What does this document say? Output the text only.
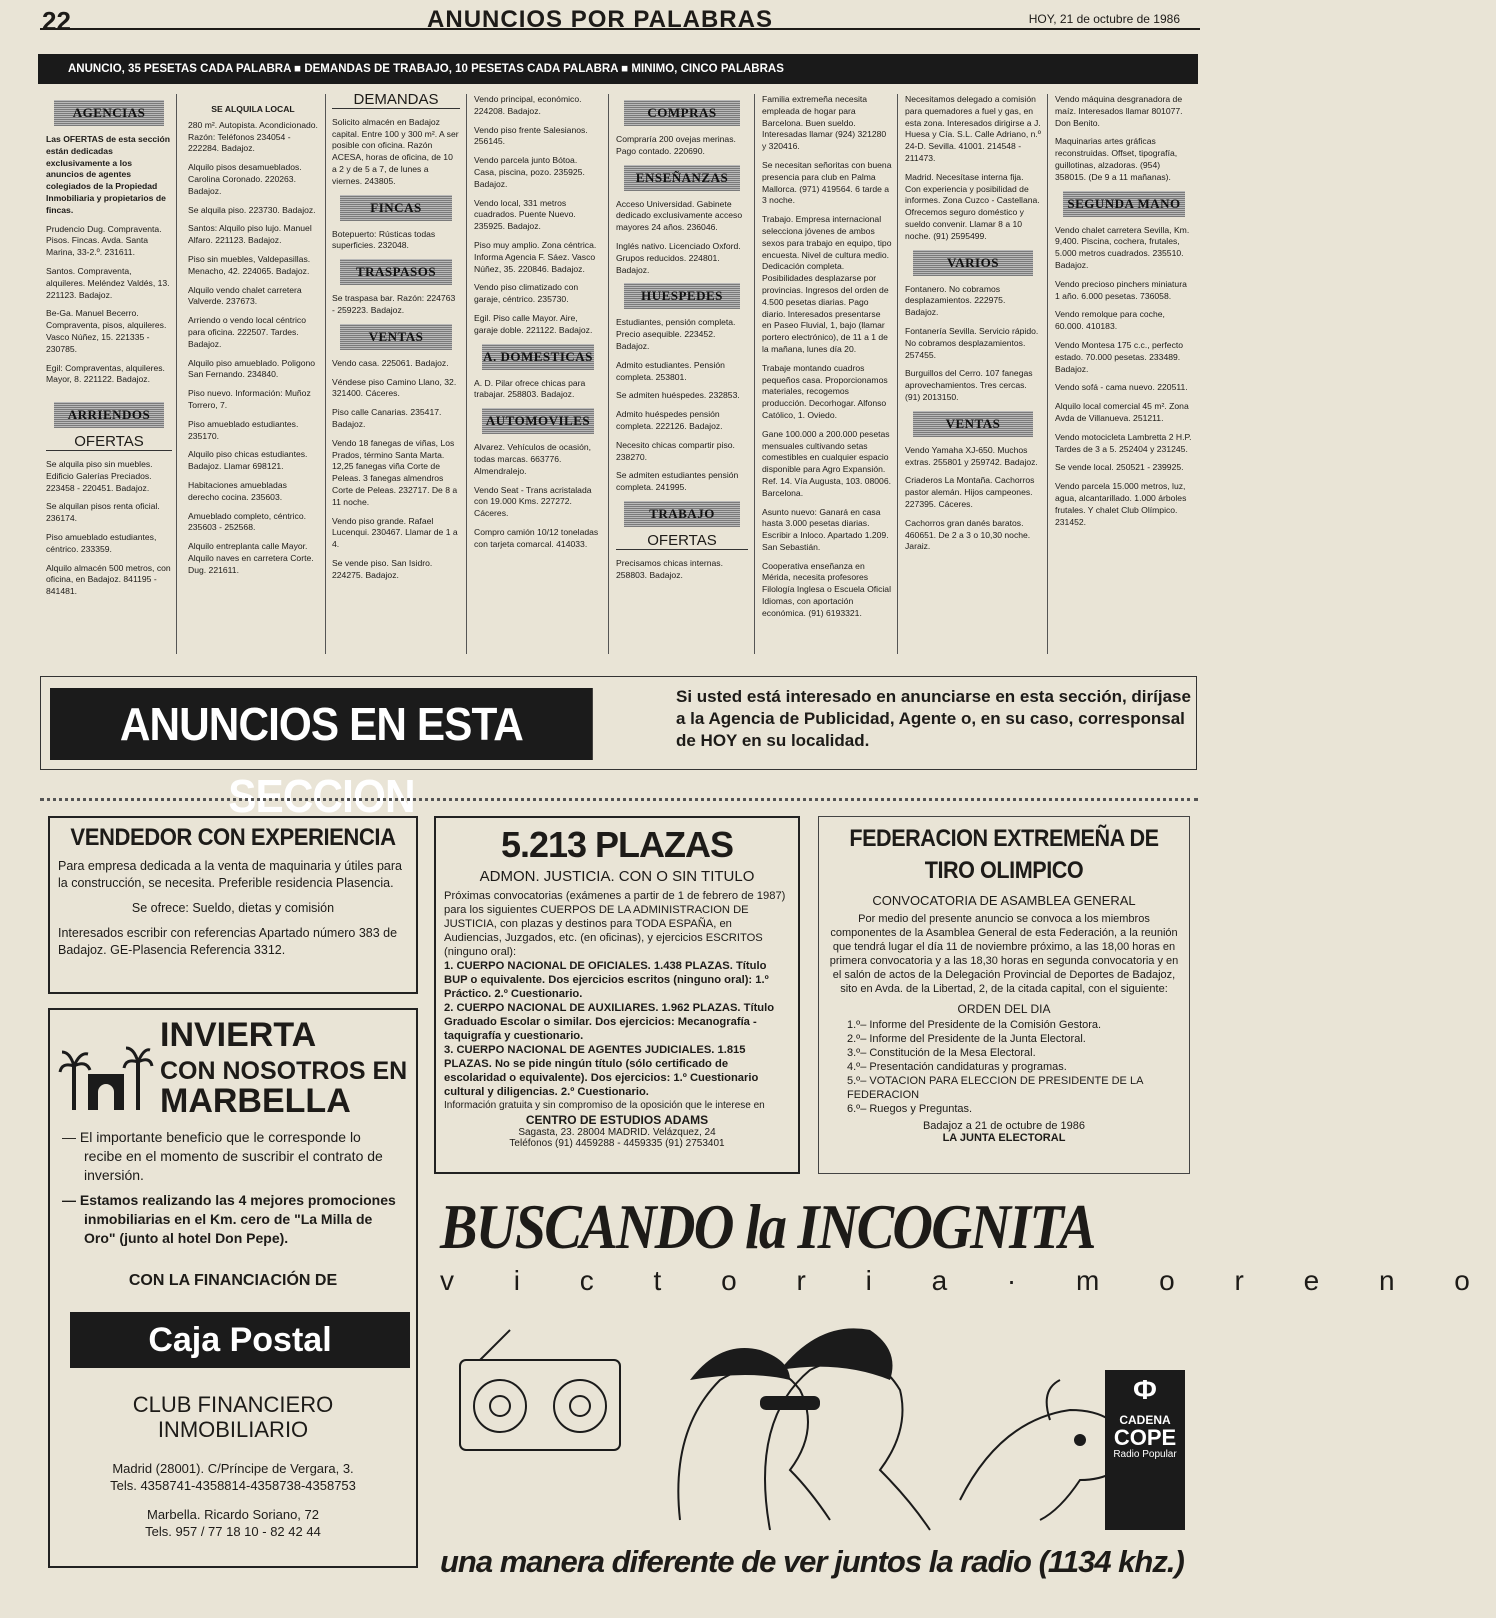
22	ANUNCIOS POR PALABRAS	HOY, 21 de octubre de 1986
ANUNCIO, 35 PESETAS CADA PALABRA ■ DEMANDAS DE TRABAJO, 10 PESETAS CADA PALABRA ■ MINIMO, CINCO PALABRAS
AGENCIAS

Las OFERTAS de esta sección están dedicadas exclusivamente a los anuncios de agentes colegiados de la Propiedad Inmobiliaria y propietarios de fincas.

Prudencio Dug. Compraventa. Pisos. Fincas. Avda. Santa Marina, 33-2.º. 231611.

Santos. Compraventa, alquileres. Meléndez Valdés, 13. 221123. Badajoz.

Be-Ga. Manuel Becerro. Compraventa, pisos, alquileres. Vasco Núñez, 15. 221335 - 230785.

Egil: Compraventas, alquileres. Mayor, 8. 221122. Badajoz.

ARRIENDOS
OFERTAS

Se alquila piso sin muebles. Edificio Galerías Preciados. 223458 - 220451. Badajoz.

Se alquilan pisos renta oficial. 236174.

Piso amueblado estudiantes, céntrico. 233359.

Alquilo almacén 500 metros, con oficina, en Badajoz. 841195 - 841481.

SE ALQUILA LOCAL

280 m². Autopista. Acondicionado. Razón: Teléfonos 234054 - 222284. Badajoz.

Alquilo pisos desamueblados. Carolina Coronado. 220263. Badajoz.

Se alquila piso. 223730. Badajoz.

Santos: Alquilo piso lujo. Manuel Alfaro. 221123. Badajoz.

Piso sin muebles, Valdepasillas. Menacho, 42. 224065. Badajoz.

Alquilo vendo chalet carretera Valverde. 237673.

Arriendo o vendo local céntrico para oficina. 222507. Tardes. Badajoz.

Alquilo piso amueblado. Poligono San Fernando. 234840.

Piso nuevo. Información: Muñoz Torrero, 7.

Piso amueblado estudiantes. 235170.

Alquilo piso chicas estudiantes. Badajoz. Llamar 698121.

Habitaciones amuebladas derecho cocina. 235603.

Amueblado completo, céntrico. 235603 - 252568.

Alquilo entreplanta calle Mayor. Alquilo naves en carretera Corte. Dug. 221611.

DEMANDAS

Solicito almacén en Badajoz capital. Entre 100 y 300 m². A ser posible con oficina. Razón ACESA, horas de oficina, de 10 a 2 y de 5 a 7, de lunes a viernes. 243805.

FINCAS

Botepuerto: Rústicas todas superficies. 232048.

TRASPASOS

Se traspasa bar. Razón: 224763 - 259223. Badajoz.

VENTAS

Vendo casa. 225061. Badajoz.

Véndese piso Camino Llano, 32. 321400. Cáceres.

Piso calle Canarias. 235417. Badajoz.

Vendo 18 fanegas de viñas, Los Prados, término Santa Marta. 12,25 fanegas viña Corte de Peleas. 3 fanegas almendros Corte de Peleas. 232717. De 8 a 11 noche.

Vendo piso grande. Rafael Lucenqui. 230467. Llamar de 1 a 4.

Se vende piso. San Isidro. 224275. Badajoz.

Vendo principal, económico. 224208. Badajoz.

Vendo piso frente Salesianos. 256145.

Vendo parcela junto Bótoa. Casa, piscina, pozo. 235925. Badajoz.

Vendo local, 331 metros cuadrados. Puente Nuevo. 235925. Badajoz.

Piso muy amplio. Zona céntrica. Informa Agencia F. Sáez. Vasco Núñez, 35. 220846. Badajoz.

Vendo piso climatizado con garaje, céntrico. 235730.

Egil. Piso calle Mayor. Aire, garaje doble. 221122. Badajoz.

A. DOMESTICAS

A. D. Pilar ofrece chicas para trabajar. 258803. Badajoz.

AUTOMOVILES

Alvarez. Vehículos de ocasión, todas marcas. 663776. Almendralejo.

Vendo Seat - Trans acristalada con 19.000 Kms. 227272. Cáceres.

Compro camión 10/12 toneladas con tarjeta comarcal. 414033.

COMPRAS

Compraría 200 ovejas merinas. Pago contado. 220690.

ENSEÑANZAS

Acceso Universidad. Gabinete dedicado exclusivamente acceso mayores 24 años. 236046.

Inglés nativo. Licenciado Oxford. Grupos reducidos. 224801. Badajoz.

HUESPEDES

Estudiantes, pensión completa. Precio asequible. 223452. Badajoz.

Admito estudiantes. Pensión completa. 253801.

Se admiten huéspedes. 232853.

Admito huéspedes pensión completa. 222126. Badajoz.

Necesito chicas compartir piso. 238270.

Se admiten estudiantes pensión completa. 241995.

TRABAJO
OFERTAS

Precisamos chicas internas. 258803. Badajoz.

Familia extremeña necesita empleada de hogar para Barcelona. Buen sueldo. Interesadas llamar (924) 321280 y 320416.

Se necesitan señoritas con buena presencia para club en Palma Mallorca. (971) 419564. 6 tarde a 3 noche.

Trabajo. Empresa internacional selecciona jóvenes de ambos sexos para trabajo en equipo, tipo encuesta. Nivel de cultura medio. Dedicación completa. Posibilidades desplazarse por provincias. Ingresos del orden de 4.500 pesetas diarias. Pago diario. Interesados presentarse en Paseo Fluvial, 1, bajo (llamar portero electrónico), de 11 a 1 de la mañana, lunes día 20.

Trabaje montando cuadros pequeños casa. Proporcionamos materiales, recogemos producción. Decorhogar. Alfonso Católico, 1. Oviedo.

Gane 100.000 a 200.000 pesetas mensuales cultivando setas comestibles en cualquier espacio disponible para Agro Expansión. Ref. 14. Vía Augusta, 103. 08006. Barcelona.

Asunto nuevo: Ganará en casa hasta 3.000 pesetas diarias. Escribir a Inloco. Apartado 1.209. San Sebastián.

Cooperativa enseñanza en Mérida, necesita profesores Filología Inglesa o Escuela Oficial Idiomas, con aportación económica. (91) 6193321.

Necesitamos delegado a comisión para quemadores a fuel y gas, en esta zona. Interesados dirigirse a J. Huesa y Cía. S.L. Calle Adriano, n.º 24-D. Sevilla. 41001. 214548 - 211473.

Madrid. Necesítase interna fija. Con experiencia y posibilidad de informes. Zona Cuzco - Castellana. Ofrecemos seguro doméstico y sueldo convenir. Llamar 8 a 10 noche. (91) 2595499.

VARIOS

Fontanero. No cobramos desplazamientos. 222975. Badajoz.

Fontanería Sevilla. Servicio rápido. No cobramos desplazamientos. 257455.

Burguillos del Cerro. 107 fanegas aprovechamientos. Tres cercas. (91) 2013150.

VENTAS

Vendo Yamaha XJ-650. Muchos extras. 255801 y 259742. Badajoz.

Criaderos La Montaña. Cachorros pastor alemán. Hijos campeones. 227395. Cáceres.

Cachorros gran danés baratos. 460651. De 2 a 3 o 10,30 noche. Jaraiz.

Vendo máquina desgranadora de maíz. Interesados llamar 801077. Don Benito.

Maquinarias artes gráficas reconstruidas. Offset, tipografía, guillotinas, alzadoras. (954) 358015. (De 9 a 11 mañanas).

SEGUNDA MANO

Vendo chalet carretera Sevilla, Km. 9,400. Piscina, cochera, frutales, 5.000 metros cuadrados. 235510. Badajoz.

Vendo precioso pinchers miniatura 1 año. 6.000 pesetas. 736058.

Vendo remolque para coche, 60.000. 410183.

Vendo Montesa 175 c.c., perfecto estado. 70.000 pesetas. 233489. Badajoz.

Vendo sofá - cama nuevo. 220511.

Alquilo local comercial 45 m². Zona Avda de Villanueva. 251211.

Vendo motocicleta Lambretta 2 H.P. Tardes de 3 a 5. 252404 y 231245.

Se vende local. 250521 - 239925.

Vendo parcela 15.000 metros, luz, agua, alcantarillado. 1.000 árboles frutales. Y chalet Club Olímpico. 231452.

ANUNCIOS EN ESTA SECCION
Si usted está interesado en anunciarse en esta sección, diríjase a la Agencia de Publicidad, Agente o, en su caso, corresponsal de HOY en su localidad.
VENDEDOR CON EXPERIENCIA
Para empresa dedicada a la venta de maquinaria y útiles para la construcción, se necesita. Preferible residencia Plasencia.
Se ofrece: Sueldo, dietas y comisión
Interesados escribir con referencias Apartado número 383 de Badajoz. GE-Plasencia Referencia 3312.
INVIERTA
CON NOSOTROS EN
MARBELLA
— El importante beneficio que le corresponde lo recibe en el momento de suscribir el contrato de inversión.
— Estamos realizando las 4 mejores promociones inmobiliarias en el Km. cero de "La Milla de Oro" (junto al hotel Don Pepe).
CON LA FINANCIACIÓN DE
Caja Postal
CLUB FINANCIERO
INMOBILIARIO
Madrid (28001). C/Príncipe de Vergara, 3.
Tels. 4358741-4358814-4358738-4358753
Marbella. Ricardo Soriano, 72
Tels. 957 / 77 18 10 - 82 42 44
5.213 PLAZAS
ADMON. JUSTICIA. CON O SIN TITULO
Próximas convocatorias (exámenes a partir de 1 de febrero de 1987) para los siguientes CUERPOS DE LA ADMINISTRACION DE JUSTICIA, con plazas y destinos para TODA ESPAÑA, en Audiencias, Juzgados, etc. (en oficinas), y ejercicios ESCRITOS (ninguno oral):
1. CUERPO NACIONAL DE OFICIALES. 1.438 PLAZAS. Título BUP o equivalente. Dos ejercicios escritos (ninguno oral): 1.º Práctico. 2.º Cuestionario.
2. CUERPO NACIONAL DE AUXILIARES. 1.962 PLAZAS. Título Graduado Escolar o similar. Dos ejercicios: Mecanografía - taquigrafía y cuestionario.
3. CUERPO NACIONAL DE AGENTES JUDICIALES. 1.815 PLAZAS. No se pide ningún título (sólo certificado de escolaridad o equivalente). Dos ejercicios: 1.º Cuestionario cultural y diligencias. 2.º Cuestionario.
Información gratuita y sin compromiso de la oposición que le interese en
CENTRO DE ESTUDIOS ADAMS
Sagasta, 23. 28004 MADRID. Velázquez, 24
Teléfonos (91) 4459288 - 4459335 (91) 2753401
FEDERACION EXTREMEÑA DE
TIRO OLIMPICO
CONVOCATORIA DE ASAMBLEA GENERAL
Por medio del presente anuncio se convoca a los miembros componentes de la Asamblea General de esta Federación, a la reunión que tendrá lugar el día 11 de noviembre próximo, a las 18,00 horas en primera convocatoria y a las 18,30 horas en segunda convocatoria y en el salón de actos de la Delegación Provincial de Deportes de Badajoz, sito en Avda. de la Libertad, 2, de la citada capital, con el siguiente:
ORDEN DEL DIA
1.º– Informe del Presidente de la Comisión Gestora.
2.º– Informe del Presidente de la Junta Electoral.
3.º– Constitución de la Mesa Electoral.
4.º– Presentación candidaturas y programas.
5.º– VOTACION PARA ELECCION DE PRESIDENTE DE LA FEDERACION
6.º– Ruegos y Preguntas.
Badajoz a 21 de octubre de 1986
LA JUNTA ELECTORAL
BUSCANDO la INCOGNITA
v i c t o r i a · m o r e n o
Ф
CADENA
COPE
Radio Popular
una manera diferente de ver juntos la radio (1134 khz.)
